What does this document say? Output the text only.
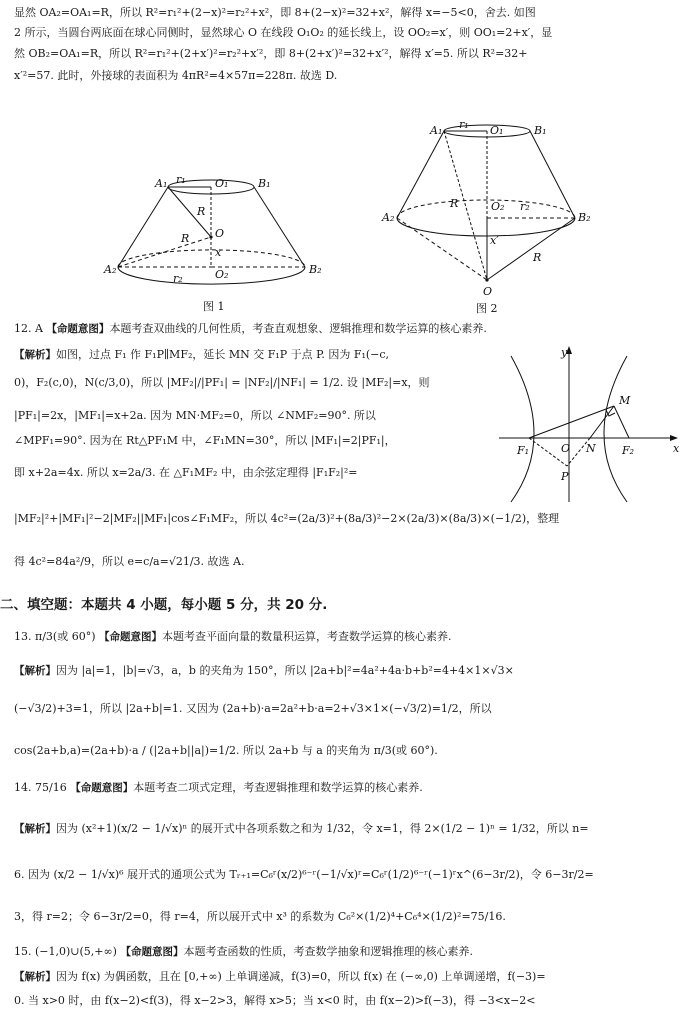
显然 OA₂=OA₁=R，所以 R²=r₁²+(2−x)²=r₂²+x²，即 8+(2−x)²=32+x²，解得 x=−5<0，舍去. 如图
2 所示，当圆台两底面在球心同侧时，显然球心 O 在线段 O₁O₂ 的延长线上，设 OO₂=x′，则 OO₁=2+x′，显
然 OB₂=OA₁=R，所以 R²=r₁²+(2+x′)²=r₂²+x′²，即 8+(2+x′)²=32+x′²，解得 x′=5. 所以 R²=32+
x′²=57. 此时，外接球的表面积为 4πR²=4×57π=228π. 故选 D.
A₁ r₁	O₁	B₁
R
R O
x
A₂
r₂	O₂	B₂
图 1
A₁ r₁ O₁	B₁
A₂
R	O₂ r₂
B₂
x′
R
O
图 2
12. A 【命题意图】本题考查双曲线的几何性质，考查直观想象、逻辑推理和数学运算的核心素养.
【解析】如图，过点 F₁ 作 F₁P∥MF₂，延长 MN 交 F₁P 于点 P. 因为 F₁(−c,
0)，F₂(c,0)，N(c/3,0)，所以 |MF₂|/|PF₁| = |NF₂|/|NF₁| = 1/2. 设 |MF₂|=x，则
|PF₁|=2x，|MF₁|=x+2a. 因为 MN·MF₂=0，所以 ∠NMF₂=90°. 所以
∠MPF₁=90°. 因为在 Rt△PF₁M 中，∠F₁MN=30°，所以 |MF₁|=2|PF₁|，
即 x+2a=4x. 所以 x=2a/3. 在 △F₁MF₂ 中，由余弦定理得 |F₁F₂|²=
|MF₂|²+|MF₁|²−2|MF₂||MF₁|cos∠F₁MF₂，所以 4c²=(2a/3)²+(8a/3)²−2×(2a/3)×(8a/3)×(−1/2)，整理
得 4c²=84a²/9，所以 e=c/a=√21/3. 故选 A.
y
M
F₁	O N F₂	x
P
二、填空题：本题共 4 小题，每小题 5 分，共 20 分.
13. π/3(或 60°) 【命题意图】本题考查平面向量的数量积运算，考查数学运算的核心素养.
【解析】因为 |a|=1，|b|=√3，a，b 的夹角为 150°，所以 |2a+b|²=4a²+4a·b+b²=4+4×1×√3×
(−√3/2)+3=1，所以 |2a+b|=1. 又因为 (2a+b)·a=2a²+b·a=2+√3×1×(−√3/2)=1/2，所以
cos(2a+b,a)=(2a+b)·a / (|2a+b||a|)=1/2. 所以 2a+b 与 a 的夹角为 π/3(或 60°).
14. 75/16 【命题意图】本题考查二项式定理，考查逻辑推理和数学运算的核心素养.
【解析】因为 (x²+1)(x/2 − 1/√x)ⁿ 的展开式中各项系数之和为 1/32，令 x=1，得 2×(1/2 − 1)ⁿ = 1/32，所以 n=
6. 因为 (x/2 − 1/√x)⁶ 展开式的通项公式为 Tᵣ₊₁=C₆ʳ(x/2)⁶⁻ʳ(−1/√x)ʳ=C₆ʳ(1/2)⁶⁻ʳ(−1)ʳx^(6−3r/2)，令 6−3r/2=
3，得 r=2；令 6−3r/2=0，得 r=4，所以展开式中 x³ 的系数为 C₆²×(1/2)⁴+C₆⁴×(1/2)²=75/16.
15. (−1,0)∪(5,+∞) 【命题意图】本题考查函数的性质，考查数学抽象和逻辑推理的核心素养.
【解析】因为 f(x) 为偶函数，且在 [0,+∞) 上单调递减，f(3)=0，所以 f(x) 在 (−∞,0) 上单调递增，f(−3)=
0. 当 x>0 时，由 f(x−2)<f(3)，得 x−2>3，解得 x>5；当 x<0 时，由 f(x−2)>f(−3)，得 −3<x−2<
